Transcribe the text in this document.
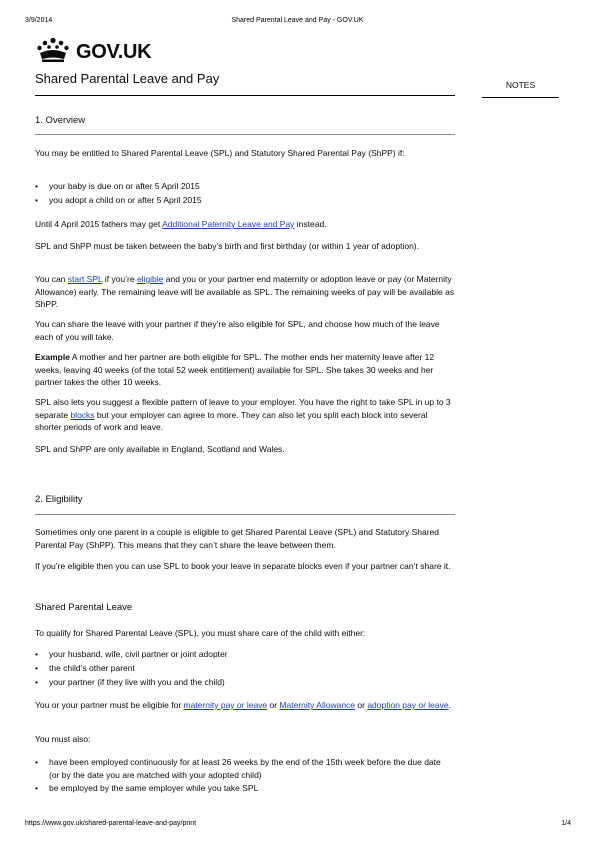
3/9/2014	Shared Parental Leave and Pay - GOV.UK
GOV.UK
Shared Parental Leave and Pay	NOTES
1. Overview

You may be entitled to Shared Parental Leave (SPL) and Statutory Shared Parental Pay (ShPP) if:

• your baby is due on or after 5 April 2015
• you adopt a child on or after 5 April 2015

Until 4 April 2015 fathers may get Additional Paternity Leave and Pay instead.

SPL and ShPP must be taken between the baby’s birth and first birthday (or within 1 year of adoption).

You can start SPL if you’re eligible and you or your partner end maternity or adoption leave or pay (or Maternity Allowance) early. The remaining leave will be available as SPL. The remaining weeks of pay will be available as ShPP.

You can share the leave with your partner if they’re also eligible for SPL, and choose how much of the leave each of you will take.

Example A mother and her partner are both eligible for SPL. The mother ends her maternity leave after 12 weeks, leaving 40 weeks (of the total 52 week entitlement) available for SPL. She takes 30 weeks and her partner takes the other 10 weeks.

SPL also lets you suggest a flexible pattern of leave to your employer. You have the right to take SPL in up to 3 separate blocks but your employer can agree to more. They can also let you split each block into several shorter periods of work and leave.

SPL and ShPP are only available in England, Scotland and Wales.

2. Eligibility

Sometimes only one parent in a couple is eligible to get Shared Parental Leave (SPL) and Statutory Shared Parental Pay (ShPP). This means that they can’t share the leave between them.

If you’re eligible then you can use SPL to book your leave in separate blocks even if your partner can’t share it.

Shared Parental Leave

To qualify for Shared Parental Leave (SPL), you must share care of the child with either:

• your husband, wife, civil partner or joint adopter
• the child’s other parent
• your partner (if they live with you and the child)

You or your partner must be eligible for maternity pay or leave or Maternity Allowance or adoption pay or leave.

You must also:

• have been employed continuously for at least 26 weeks by the end of the 15th week before the due date (or by the date you are matched with your adopted child)
• be employed by the same employer while you take SPL
https://www.gov.uk/shared-parental-leave-and-pay/print	1/4
